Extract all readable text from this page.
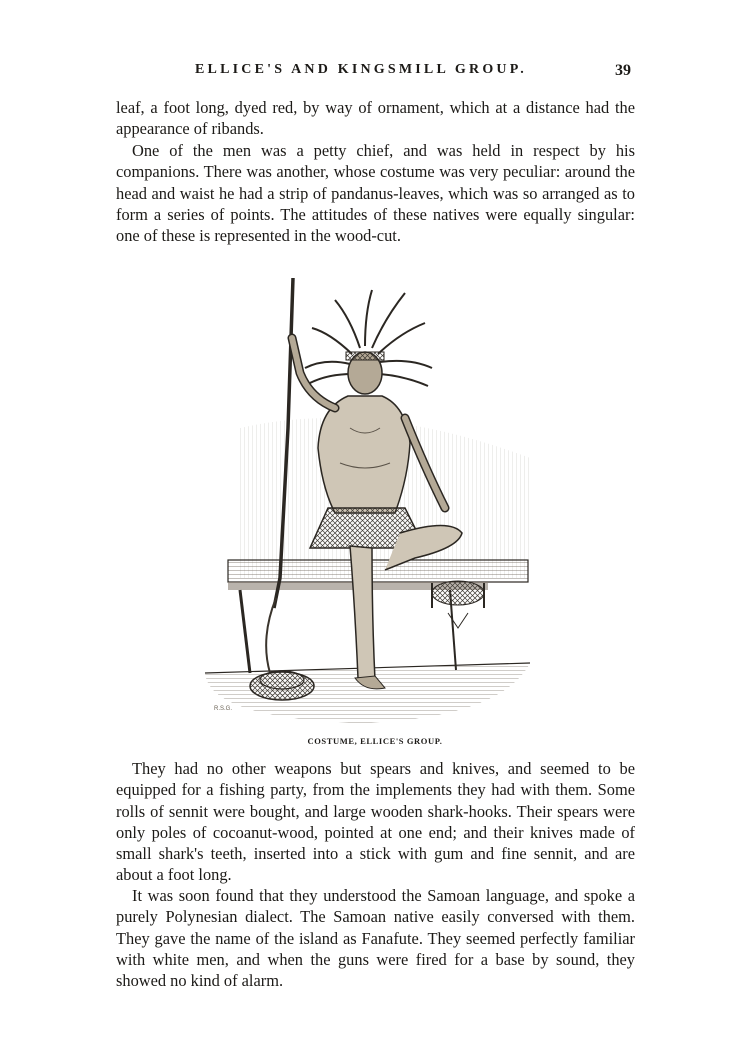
ELLICE'S AND KINGSMILL GROUP.	39

leaf, a foot long, dyed red, by way of ornament, which at a distance had the appearance of ribands.

One of the men was a petty chief, and was held in respect by his companions. There was another, whose costume was very peculiar: around the head and waist he had a strip of pandanus-leaves, which was so arranged as to form a series of points. The attitudes of these natives were equally singular: one of these is represented in the wood-cut.

R.S.G.
COSTUME, ELLICE'S GROUP.

They had no other weapons but spears and knives, and seemed to be equipped for a fishing party, from the implements they had with them. Some rolls of sennit were bought, and large wooden shark-hooks. Their spears were only poles of cocoanut-wood, pointed at one end; and their knives made of small shark's teeth, inserted into a stick with gum and fine sennit, and are about a foot long.

It was soon found that they understood the Samoan language, and spoke a purely Polynesian dialect. The Samoan native easily conversed with them. They gave the name of the island as Fanafute. They seemed perfectly familiar with white men, and when the guns were fired for a base by sound, they showed no kind of alarm.
